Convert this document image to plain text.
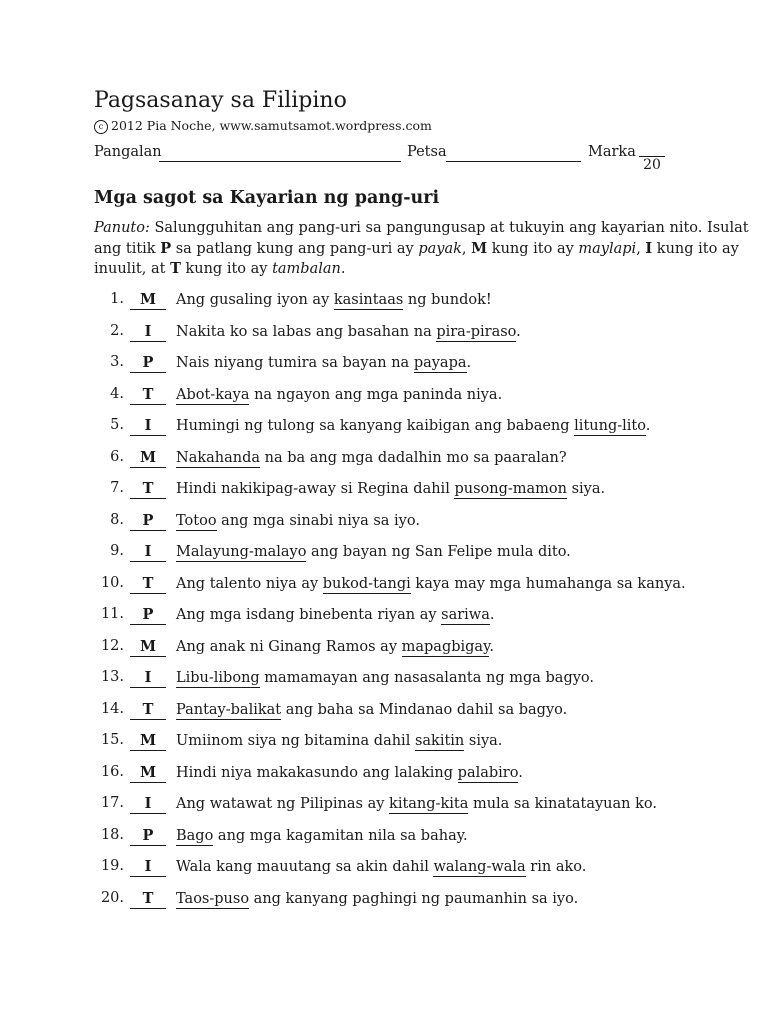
Pagsasanay sa Filipino
c 2012 Pia Noche, www.samutsamot.wordpress.com
Pangalan	Petsa	Marka
20
Mga sagot sa Kayarian ng pang-uri

Panuto: Salungguhitan ang pang-uri sa pangungusap at tukuyin ang kayarian nito. Isulat

ang titik P sa patlang kung ang pang-uri ay payak, M kung ito ay maylapi, I kung ito ay

inuulit, at T kung ito ay tambalan.

1.	M	Ang gusaling iyon ay kasintaas ng bundok!
2.	I	Nakita ko sa labas ang basahan na pira-piraso.
3.	P	Nais niyang tumira sa bayan na payapa.
4.	T	Abot-kaya na ngayon ang mga paninda niya.
5.	I	Humingi ng tulong sa kanyang kaibigan ang babaeng litung-lito.
6.	M	Nakahanda na ba ang mga dadalhin mo sa paaralan?
7.	T	Hindi nakikipag-away si Regina dahil pusong-mamon siya.
8.	P	Totoo ang mga sinabi niya sa iyo.
9.	I	Malayung-malayo ang bayan ng San Felipe mula dito.
10.	T	Ang talento niya ay bukod-tangi kaya may mga humahanga sa kanya.
11.	P	Ang mga isdang binebenta riyan ay sariwa.
12.	M	Ang anak ni Ginang Ramos ay mapagbigay.
13.	I	Libu-libong mamamayan ang nasasalanta ng mga bagyo.
14.	T	Pantay-balikat ang baha sa Mindanao dahil sa bagyo.
15.	M	Umiinom siya ng bitamina dahil sakitin siya.
16.	M	Hindi niya makakasundo ang lalaking palabiro.
17.	I	Ang watawat ng Pilipinas ay kitang-kita mula sa kinatatayuan ko.
18.	P	Bago ang mga kagamitan nila sa bahay.
19.	I	Wala kang mauutang sa akin dahil walang-wala rin ako.
20.	T	Taos-puso ang kanyang paghingi ng paumanhin sa iyo.
